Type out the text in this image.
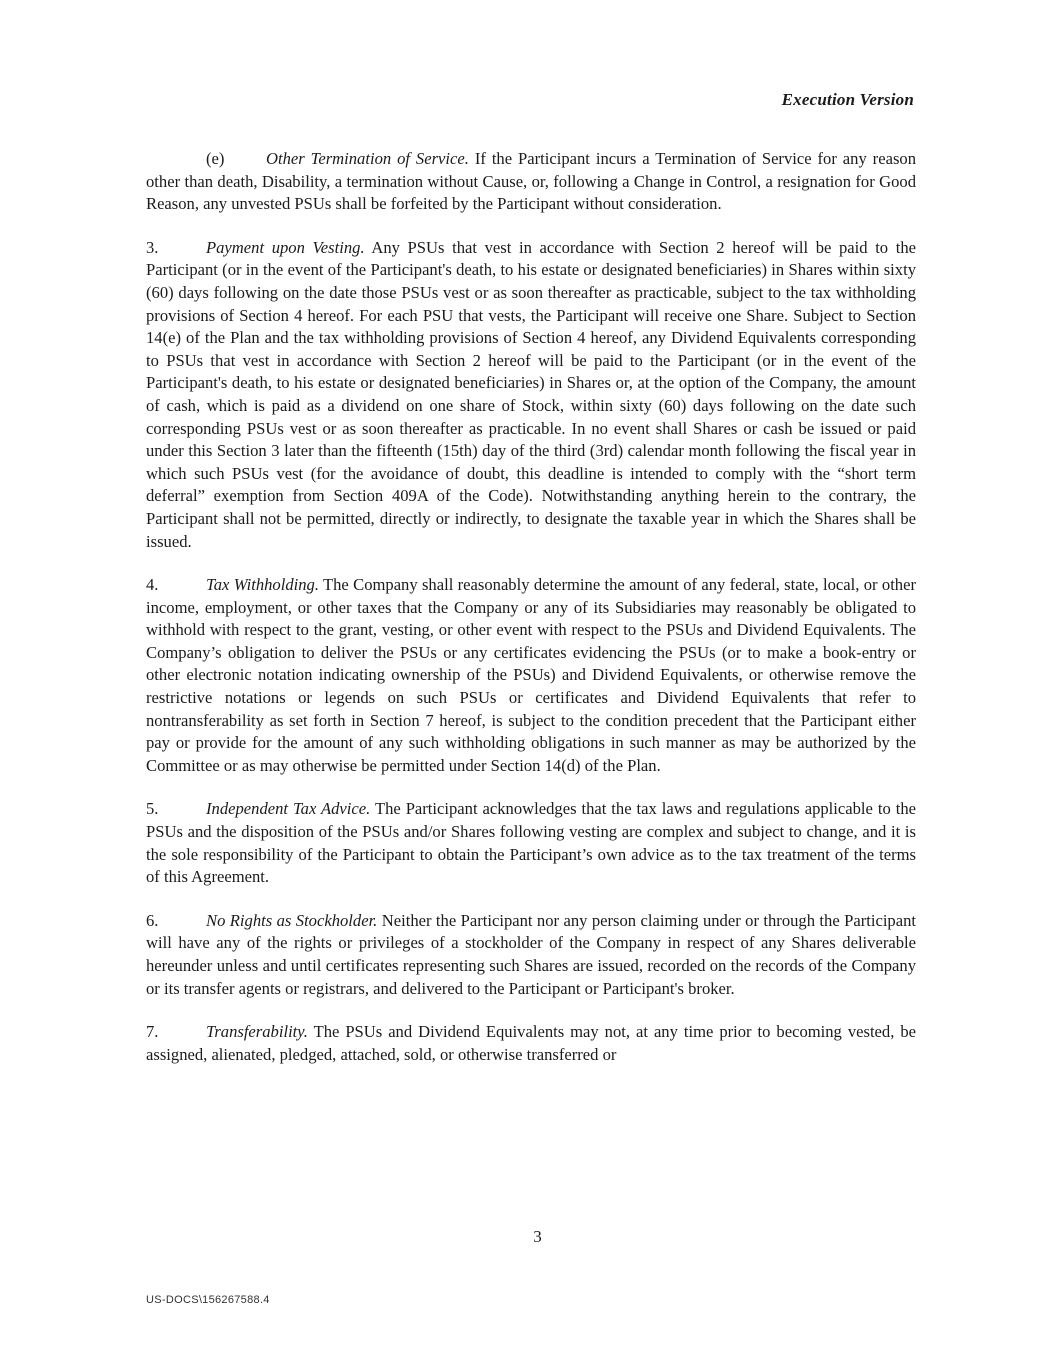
Execution Version

(e)	Other Termination of Service. If the Participant incurs a Termination of Service for any reason other than death, Disability, a termination without Cause, or, following a Change in Control, a resignation for Good Reason, any unvested PSUs shall be forfeited by the Participant without consideration.

3.	Payment upon Vesting. Any PSUs that vest in accordance with Section 2 hereof will be paid to the Participant (or in the event of the Participant's death, to his estate or designated beneficiaries) in Shares within sixty (60) days following on the date those PSUs vest or as soon thereafter as practicable, subject to the tax withholding provisions of Section 4 hereof. For each PSU that vests, the Participant will receive one Share. Subject to Section 14(e) of the Plan and the tax withholding provisions of Section 4 hereof, any Dividend Equivalents corresponding to PSUs that vest in accordance with Section 2 hereof will be paid to the Participant (or in the event of the Participant's death, to his estate or designated beneficiaries) in Shares or, at the option of the Company, the amount of cash, which is paid as a dividend on one share of Stock, within sixty (60) days following on the date such corresponding PSUs vest or as soon thereafter as practicable. In no event shall Shares or cash be issued or paid under this Section 3 later than the fifteenth (15th) day of the third (3rd) calendar month following the fiscal year in which such PSUs vest (for the avoidance of doubt, this deadline is intended to comply with the “short term deferral” exemption from Section 409A of the Code). Notwithstanding anything herein to the contrary, the Participant shall not be permitted, directly or indirectly, to designate the taxable year in which the Shares shall be issued.

4.	Tax Withholding. The Company shall reasonably determine the amount of any federal, state, local, or other income, employment, or other taxes that the Company or any of its Subsidiaries may reasonably be obligated to withhold with respect to the grant, vesting, or other event with respect to the PSUs and Dividend Equivalents. The Company’s obligation to deliver the PSUs or any certificates evidencing the PSUs (or to make a book-entry or other electronic notation indicating ownership of the PSUs) and Dividend Equivalents, or otherwise remove the restrictive notations or legends on such PSUs or certificates and Dividend Equivalents that refer to nontransferability as set forth in Section 7 hereof, is subject to the condition precedent that the Participant either pay or provide for the amount of any such withholding obligations in such manner as may be authorized by the Committee or as may otherwise be permitted under Section 14(d) of the Plan.

5.	Independent Tax Advice. The Participant acknowledges that the tax laws and regulations applicable to the PSUs and the disposition of the PSUs and/or Shares following vesting are complex and subject to change, and it is the sole responsibility of the Participant to obtain the Participant’s own advice as to the tax treatment of the terms of this Agreement.

6.	No Rights as Stockholder. Neither the Participant nor any person claiming under or through the Participant will have any of the rights or privileges of a stockholder of the Company in respect of any Shares deliverable hereunder unless and until certificates representing such Shares are issued, recorded on the records of the Company or its transfer agents or registrars, and delivered to the Participant or Participant's broker.

7.	Transferability. The PSUs and Dividend Equivalents may not, at any time prior to becoming vested, be assigned, alienated, pledged, attached, sold, or otherwise transferred or

3
US-DOCS\156267588.4
